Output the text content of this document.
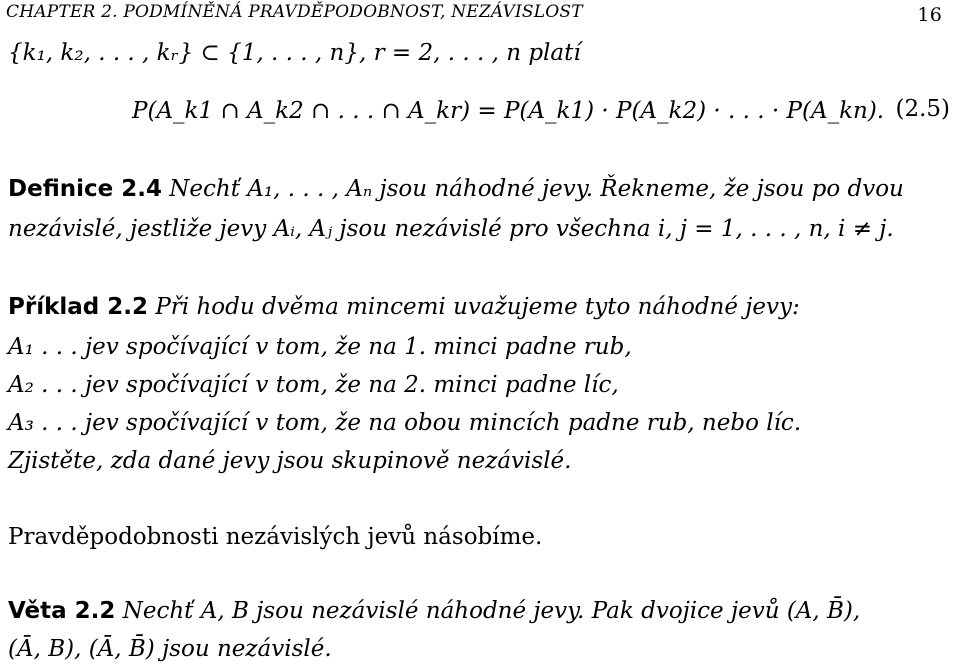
CHAPTER 2. PODMÍNĚNÁ PRAVDĚPODOBNOST, NEZÁVISLOST	16
{k₁, k₂, . . . , kᵣ} ⊂ {1, . . . , n}, r = 2, . . . , n platí
P(A_k1 ∩ A_k2 ∩ . . . ∩ A_kr) = P(A_k1) · P(A_k2) · . . . · P(A_kn). (2.5)
Definice 2.4 Nechť A₁, . . . , Aₙ jsou náhodné jevy. Řekneme, že jsou po dvou
nezávislé, jestliže jevy Aᵢ, Aⱼ jsou nezávislé pro všechna i, j = 1, . . . , n, i ≠ j.
Příklad 2.2 Při hodu dvěma mincemi uvažujeme tyto náhodné jevy:
A₁ . . . jev spočívající v tom, že na 1. minci padne rub,
A₂ . . . jev spočívající v tom, že na 2. minci padne líc,
A₃ . . . jev spočívající v tom, že na obou mincích padne rub, nebo líc.
Zjistěte, zda dané jevy jsou skupinově nezávislé.
Pravděpodobnosti nezávislých jevů násobíme.
Věta 2.2 Nechť A, B jsou nezávislé náhodné jevy. Pak dvojice jevů (A, B̄),
(Ā, B), (Ā, B̄) jsou nezávislé.
